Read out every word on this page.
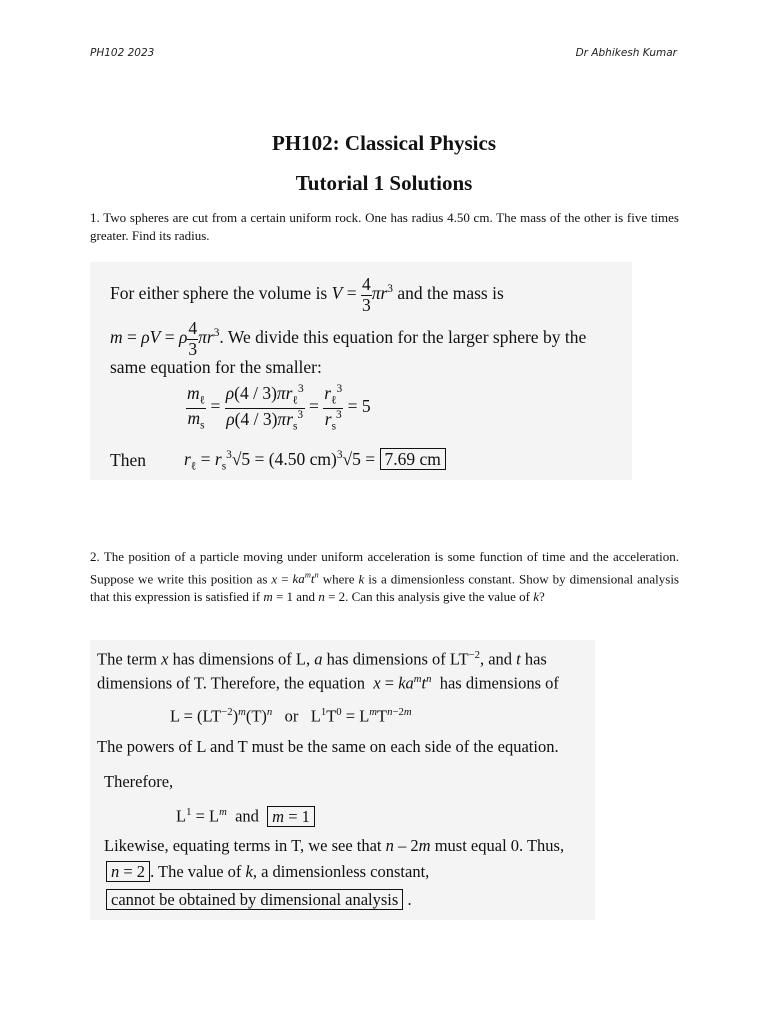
PH102 2023	Dr Abhikesh Kumar
PH102: Classical Physics
Tutorial 1 Solutions
1. Two spheres are cut from a certain uniform rock. One has radius 4.50 cm. The mass of the other is five times greater. Find its radius.
For either sphere the volume is $V = \frac{4}{3} \pi r^3$ and the mass is
m = ρV = ρ $\frac{4}{3} \pi r^3$. We divide this equation for the larger sphere by the
same equation for the smaller:
$\frac{m_\ell}{m_s} = \frac{\rho(4 / 3)\pi r_\ell^3}{\rho(4 / 3)\pi r_s^3} = \frac{r_\ell^3}{r_s^3} = 5$
Then $r_\ell = r_s^3√5 = (4.50$ cm)$^3$√5 = 7.69 cm
2. The position of a particle moving under uniform acceleration is some function of time and the acceleration. Suppose we write this position as $x = ka^mt^n$ where k is a dimensionless constant. Show by dimensional analysis that this expression is satisfied if m = 1 and n = 2. Can this analysis give the value of k?
The term x has dimensions of L, a has dimensions of $LT^{-2}$, and t has
dimensions of T. Therefore, the equation  $x = ka^mt^n$  has dimensions of
$L = (LT^{-2})^m(T)^n$   or   $L^1T^0 = L^mT^{n-2m}$
The powers of L and T must be the same on each side of the equation.
Therefore,
$L^1 = L^m$ and m = 1
Likewise, equating terms in T, we see that n – 2m must equal 0. Thus,
n = 2 . The value of k, a dimensionless constant,
cannot be obtained by dimensional analysis .
